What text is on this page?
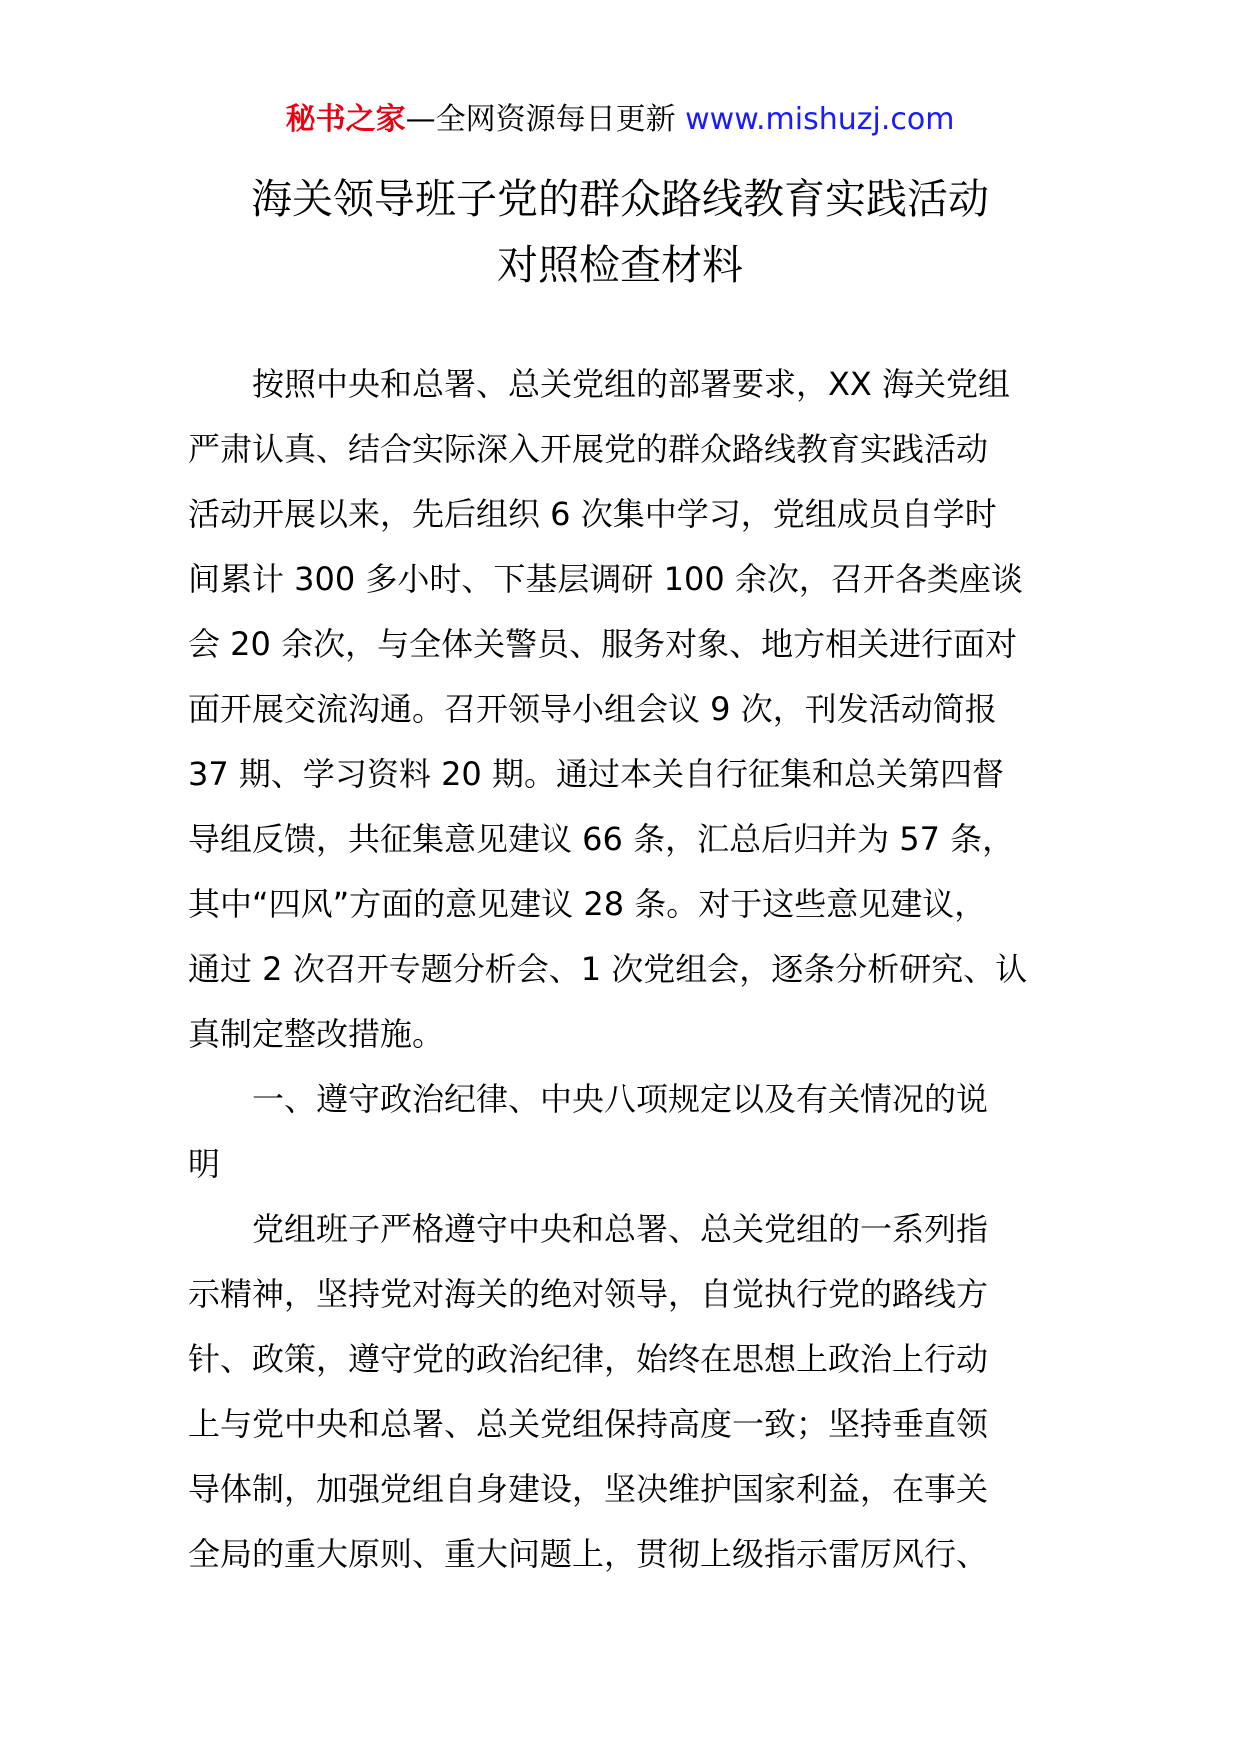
秘书之家—全网资源每日更新 www.mishuzj.com
海关领导班子党的群众路线教育实践活动
对照检查材料
按照中央和总署、总关党组的部署要求，XX 海关党组
严肃认真、结合实际深入开展党的群众路线教育实践活动
活动开展以来，先后组织 6 次集中学习，党组成员自学时
间累计 300 多小时、下基层调研 100 余次，召开各类座谈
会 20 余次，与全体关警员、服务对象、地方相关进行面对
面开展交流沟通。召开领导小组会议 9 次，刊发活动简报
37 期、学习资料 20 期。通过本关自行征集和总关第四督
导组反馈，共征集意见建议 66 条，汇总后归并为 57 条，
其中“四风”方面的意见建议 28 条。对于这些意见建议，
通过 2 次召开专题分析会、1 次党组会，逐条分析研究、认
真制定整改措施。
一、遵守政治纪律、中央八项规定以及有关情况的说
明
党组班子严格遵守中央和总署、总关党组的一系列指
示精神，坚持党对海关的绝对领导，自觉执行党的路线方
针、政策，遵守党的政治纪律，始终在思想上政治上行动
上与党中央和总署、总关党组保持高度一致；坚持垂直领
导体制，加强党组自身建设，坚决维护国家利益，在事关
全局的重大原则、重大问题上，贯彻上级指示雷厉风行、
